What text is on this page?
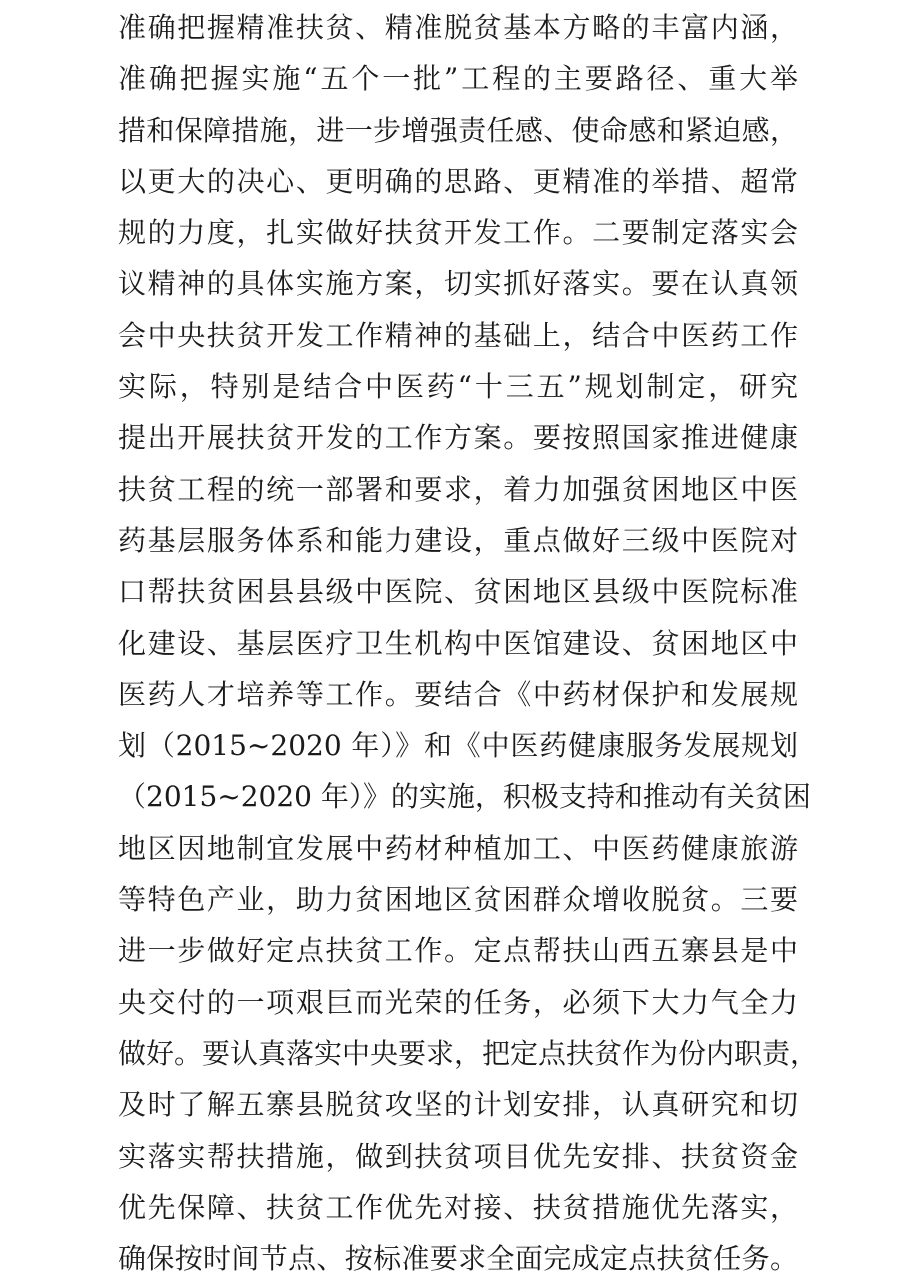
准确把握精准扶贫、精准脱贫基本方略的丰富内涵，
准确把握实施“五个一批”工程的主要路径、重大举
措和保障措施，进一步增强责任感、使命感和紧迫感，
以更大的决心、更明确的思路、更精准的举措、超常
规的力度，扎实做好扶贫开发工作。二要制定落实会
议精神的具体实施方案，切实抓好落实。要在认真领
会中央扶贫开发工作精神的基础上，结合中医药工作
实际，特别是结合中医药“十三五”规划制定，研究
提出开展扶贫开发的工作方案。要按照国家推进健康
扶贫工程的统一部署和要求，着力加强贫困地区中医
药基层服务体系和能力建设，重点做好三级中医院对
口帮扶贫困县县级中医院、贫困地区县级中医院标准
化建设、基层医疗卫生机构中医馆建设、贫困地区中
医药人才培养等工作。要结合《中药材保护和发展规
划（2015~2020 年）》和《中医药健康服务发展规划
（2015~2020 年）》的实施，积极支持和推动有关贫困
地区因地制宜发展中药材种植加工、中医药健康旅游
等特色产业，助力贫困地区贫困群众增收脱贫。三要
进一步做好定点扶贫工作。定点帮扶山西五寨县是中
央交付的一项艰巨而光荣的任务，必须下大力气全力
做好。要认真落实中央要求，把定点扶贫作为份内职责，
及时了解五寨县脱贫攻坚的计划安排，认真研究和切
实落实帮扶措施，做到扶贫项目优先安排、扶贫资金
优先保障、扶贫工作优先对接、扶贫措施优先落实，
确保按时间节点、按标准要求全面完成定点扶贫任务。
